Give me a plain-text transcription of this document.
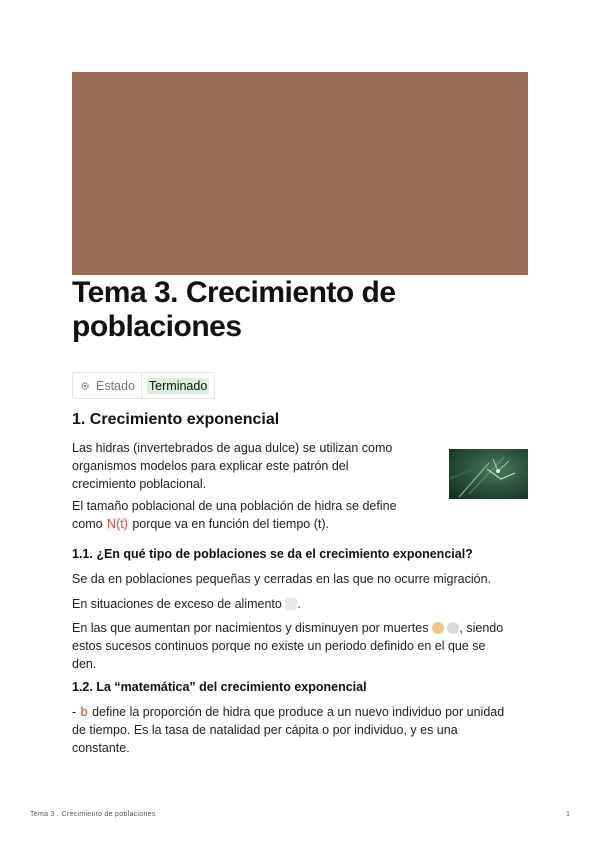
Tema 3. Crecimiento de poblaciones
Estado Terminado
1. Crecimiento exponencial
Las hidras (invertebrados de agua dulce) se utilizan como
organismos modelos para explicar este patrón del
crecimiento poblacional.
El tamaño poblacional de una población de hidra se define
como N(t) porque va en función del tiempo (t).
1.1. ¿En qué tipo de poblaciones se da el crecimiento exponencial?
Se da en poblaciones pequeñas y cerradas en las que no ocurre migración.
En situaciones de exceso de alimento .
En las que aumentan por nacimientos y disminuyen por muertes  , siendo
estos sucesos continuos porque no existe un periodo definido en el que se
den.
1.2. La “matemática” del crecimiento exponencial
- b define la proporción de hidra que produce a un nuevo individuo por unidad
de tiempo. Es la tasa de natalidad per cápita o por individuo, y es una
constante.
Tema 3 . Crecimiento de poblaciones	1
